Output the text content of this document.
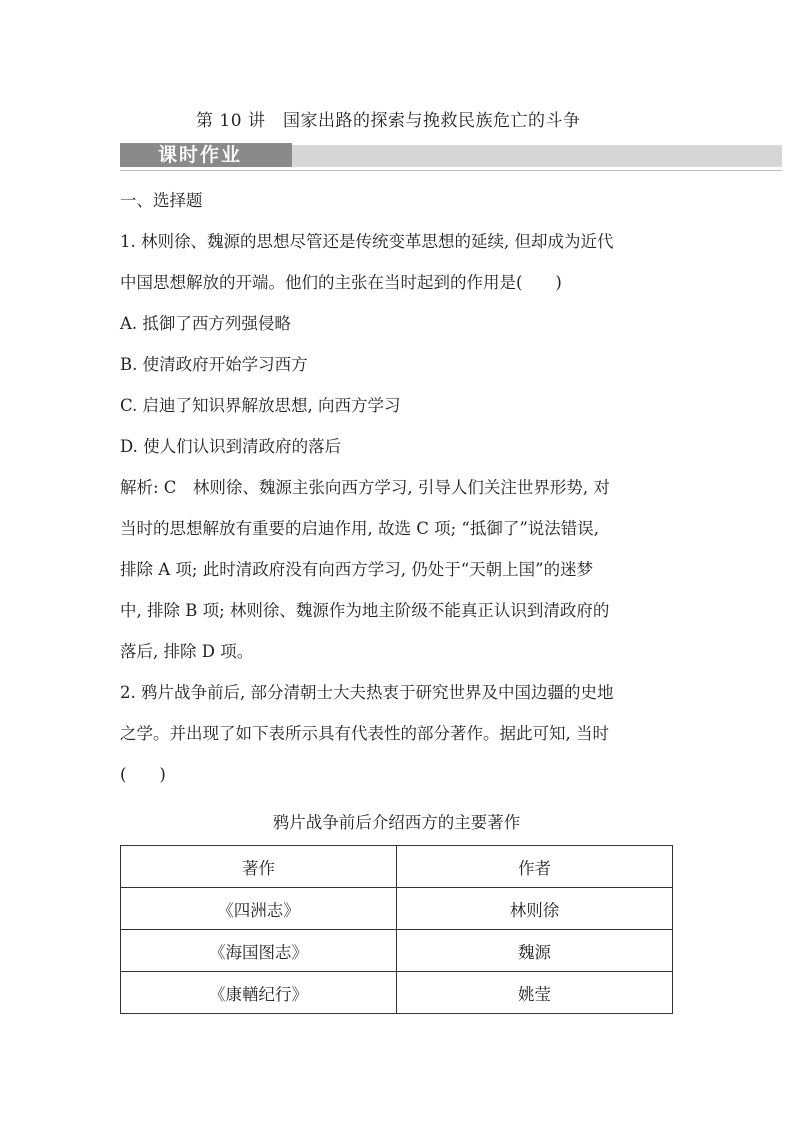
第 10 讲　国家出路的探索与挽救民族危亡的斗争
课时作业
一、选择题
1. 林则徐、魏源的思想尽管还是传统变革思想的延续, 但却成为近代
中国思想解放的开端。他们的主张在当时起到的作用是(　　)
A. 抵御了西方列强侵略
B. 使清政府开始学习西方
C. 启迪了知识界解放思想, 向西方学习
D. 使人们认识到清政府的落后
解析: C　林则徐、魏源主张向西方学习, 引导人们关注世界形势, 对
当时的思想解放有重要的启迪作用, 故选 C 项; “抵御了”说法错误,
排除 A 项; 此时清政府没有向西方学习, 仍处于“天朝上国”的迷梦
中, 排除 B 项; 林则徐、魏源作为地主阶级不能真正认识到清政府的
落后, 排除 D 项。
2. 鸦片战争前后, 部分清朝士大夫热衷于研究世界及中国边疆的史地
之学。并出现了如下表所示具有代表性的部分著作。据此可知, 当时
(　　)
鸦片战争前后介绍西方的主要著作
著作	作者
《四洲志》	林则徐
《海国图志》	魏源
《康輶纪行》	姚莹
